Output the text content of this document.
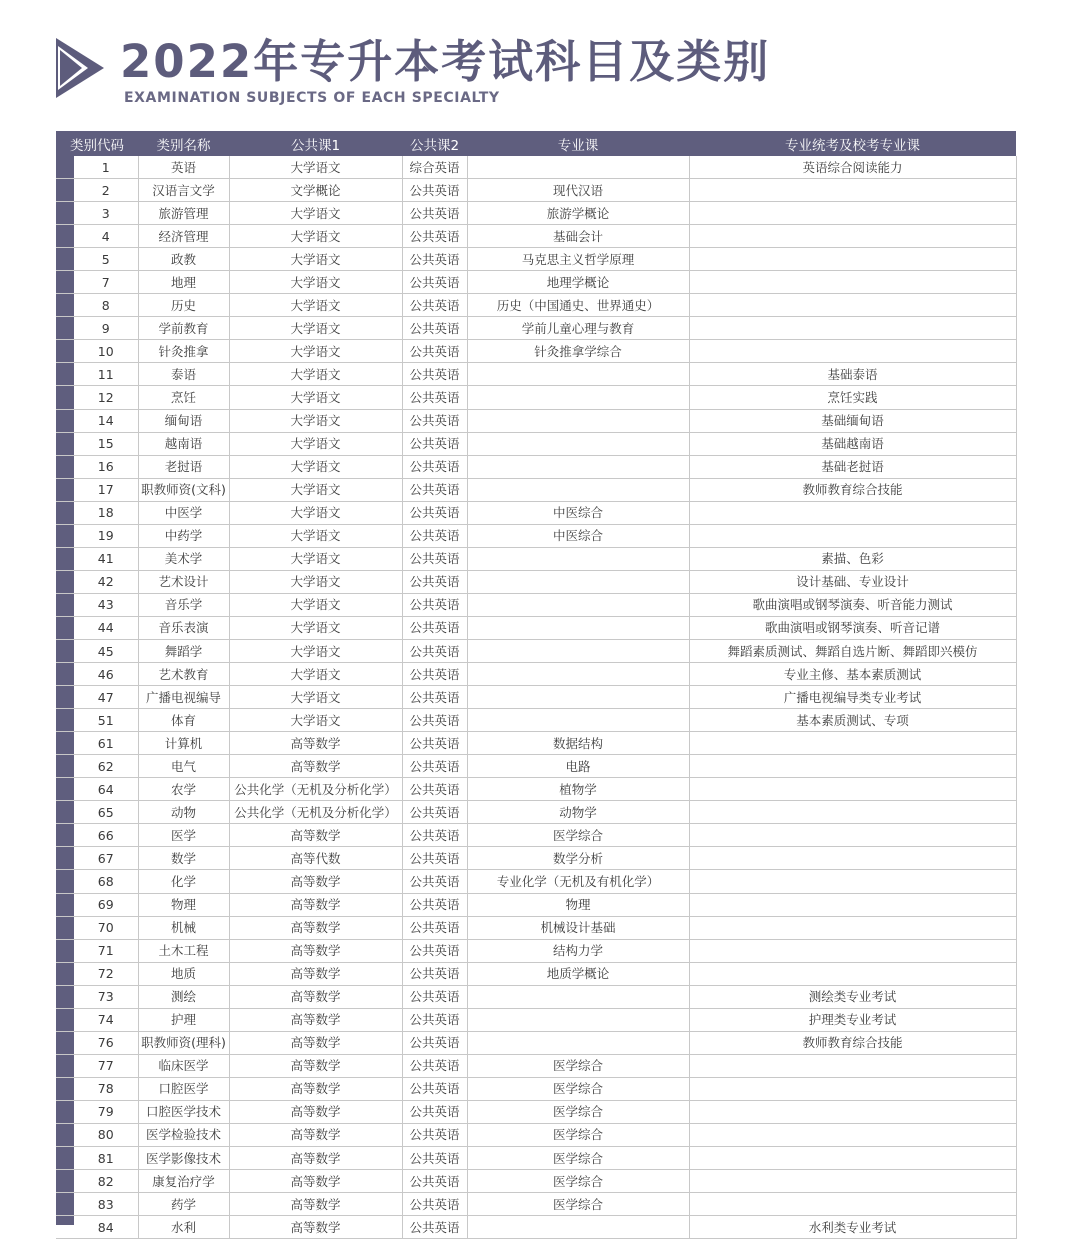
2022年专升本考试科目及类别
EXAMINATION SUBJECTS OF EACH SPECIALTY
类别代码	类别名称	公共课1	公共课2	专业课	专业统考及校考专业课
1	英语	大学语文	综合英语		英语综合阅读能力
2	汉语言文学	文学概论	公共英语	现代汉语	
3	旅游管理	大学语文	公共英语	旅游学概论	
4	经济管理	大学语文	公共英语	基础会计	
5	政教	大学语文	公共英语	马克思主义哲学原理	
7	地理	大学语文	公共英语	地理学概论	
8	历史	大学语文	公共英语	历史（中国通史、世界通史）	
9	学前教育	大学语文	公共英语	学前儿童心理与教育	
10	针灸推拿	大学语文	公共英语	针灸推拿学综合	
11	泰语	大学语文	公共英语		基础泰语
12	烹饪	大学语文	公共英语		烹饪实践
14	缅甸语	大学语文	公共英语		基础缅甸语
15	越南语	大学语文	公共英语		基础越南语
16	老挝语	大学语文	公共英语		基础老挝语
17	职教师资(文科)	大学语文	公共英语		教师教育综合技能
18	中医学	大学语文	公共英语	中医综合	
19	中药学	大学语文	公共英语	中医综合	
41	美术学	大学语文	公共英语		素描、色彩
42	艺术设计	大学语文	公共英语		设计基础、专业设计
43	音乐学	大学语文	公共英语		歌曲演唱或钢琴演奏、听音能力测试
44	音乐表演	大学语文	公共英语		歌曲演唱或钢琴演奏、听音记谱
45	舞蹈学	大学语文	公共英语		舞蹈素质测试、舞蹈自选片断、舞蹈即兴模仿
46	艺术教育	大学语文	公共英语		专业主修、基本素质测试
47	广播电视编导	大学语文	公共英语		广播电视编导类专业考试
51	体育	大学语文	公共英语		基本素质测试、专项
61	计算机	高等数学	公共英语	数据结构	
62	电气	高等数学	公共英语	电路	
64	农学	公共化学（无机及分析化学）	公共英语	植物学	
65	动物	公共化学（无机及分析化学）	公共英语	动物学	
66	医学	高等数学	公共英语	医学综合	
67	数学	高等代数	公共英语	数学分析	
68	化学	高等数学	公共英语	专业化学（无机及有机化学）	
69	物理	高等数学	公共英语	物理	
70	机械	高等数学	公共英语	机械设计基础	
71	土木工程	高等数学	公共英语	结构力学	
72	地质	高等数学	公共英语	地质学概论	
73	测绘	高等数学	公共英语		测绘类专业考试
74	护理	高等数学	公共英语		护理类专业考试
76	职教师资(理科)	高等数学	公共英语		教师教育综合技能
77	临床医学	高等数学	公共英语	医学综合	
78	口腔医学	高等数学	公共英语	医学综合	
79	口腔医学技术	高等数学	公共英语	医学综合	
80	医学检验技术	高等数学	公共英语	医学综合	
81	医学影像技术	高等数学	公共英语	医学综合	
82	康复治疗学	高等数学	公共英语	医学综合	
83	药学	高等数学	公共英语	医学综合	
84	水利	高等数学	公共英语		水利类专业考试
